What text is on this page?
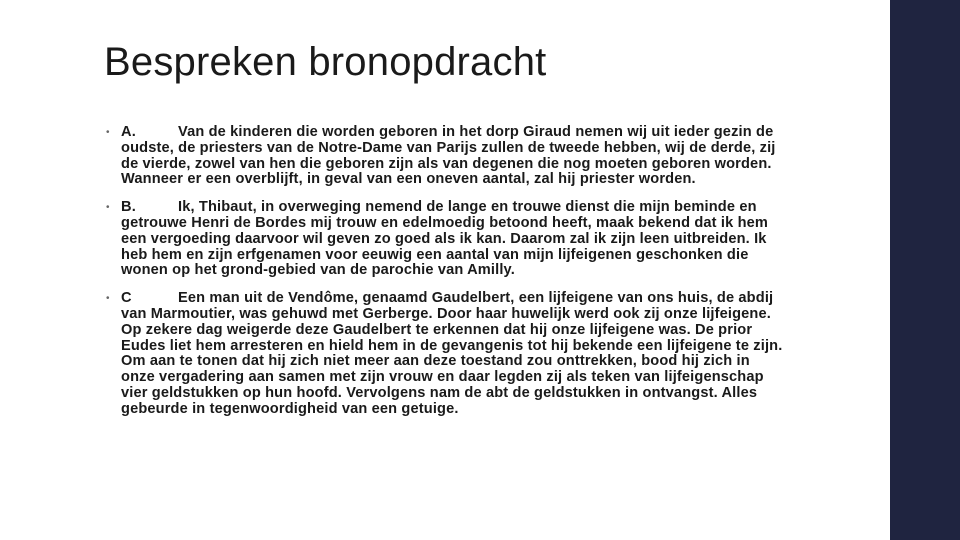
Bespreken bronopdracht
• A.	Van de kinderen die worden geboren in het dorp Giraud nemen wij uit ieder gezin de oudste, de priesters van de Notre-Dame van Parijs zullen de tweede hebben, wij de derde, zij de vierde, zowel van hen die geboren zijn als van degenen die nog moeten geboren worden. Wanneer er een overblijft, in geval van een oneven aantal, zal hij priester worden.
• B.	Ik, Thibaut, in overweging nemend de lange en trouwe dienst die mijn beminde en getrouwe Henri de Bordes mij trouw en edelmoedig betoond heeft, maak bekend dat ik hem een vergoeding daarvoor wil geven zo goed als ik kan. Daarom zal ik zijn leen uitbreiden. Ik heb hem en zijn erfgenamen voor eeuwig een aantal van mijn lijfeigenen geschonken die wonen op het grond-gebied van de parochie van Amilly.
• C	Een man uit de Vendôme, genaamd Gaudelbert, een lijfeigene van ons huis, de abdij van Marmoutier, was gehuwd met Gerberge. Door haar huwelijk werd ook zij onze lijfeigene. Op zekere dag weigerde deze Gaudelbert te erkennen dat hij onze lijfeigene was. De prior Eudes liet hem arresteren en hield hem in de gevangenis tot hij bekende een lijfeigene te zijn. Om aan te tonen dat hij zich niet meer aan deze toestand zou onttrekken, bood hij zich in onze vergadering aan samen met zijn vrouw en daar legden zij als teken van lijfeigenschap vier geldstukken op hun hoofd. Vervolgens nam de abt de geldstukken in ontvangst. Alles gebeurde in tegenwoordigheid van een getuige.
